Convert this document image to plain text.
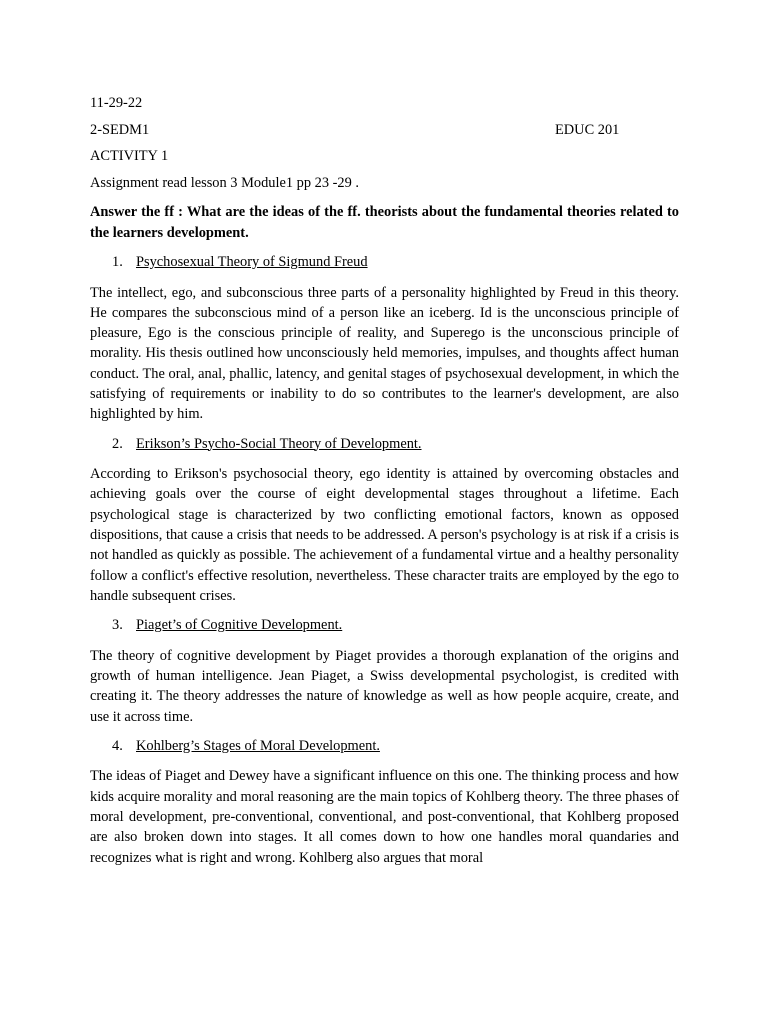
11-29-22

2-SEDM1	EDUC 201

ACTIVITY 1

Assignment read lesson 3 Module1 pp 23 -29 .

Answer the ff : What are the ideas of the ff. theorists about the fundamental theories related to the learners development.

1. Psychosexual Theory of Sigmund Freud

The intellect, ego, and subconscious three parts of a personality highlighted by Freud in this theory. He compares the subconscious mind of a person like an iceberg. Id is the unconscious principle of pleasure, Ego is the conscious principle of reality, and Superego is the unconscious principle of morality. His thesis outlined how unconsciously held memories, impulses, and thoughts affect human conduct. The oral, anal, phallic, latency, and genital stages of psychosexual development, in which the satisfying of requirements or inability to do so contributes to the learner's development, are also highlighted by him.

2. Erikson’s Psycho-Social Theory of Development.

According to Erikson's psychosocial theory, ego identity is attained by overcoming obstacles and achieving goals over the course of eight developmental stages throughout a lifetime. Each psychological stage is characterized by two conflicting emotional factors, known as opposed dispositions, that cause a crisis that needs to be addressed. A person's psychology is at risk if a crisis is not handled as quickly as possible. The achievement of a fundamental virtue and a healthy personality follow a conflict's effective resolution, nevertheless. These character traits are employed by the ego to handle subsequent crises.

3. Piaget’s of Cognitive Development.

The theory of cognitive development by Piaget provides a thorough explanation of the origins and growth of human intelligence. Jean Piaget, a Swiss developmental psychologist, is credited with creating it. The theory addresses the nature of knowledge as well as how people acquire, create, and use it across time.

4. Kohlberg’s Stages of Moral Development.

The ideas of Piaget and Dewey have a significant influence on this one. The thinking process and how kids acquire morality and moral reasoning are the main topics of Kohlberg theory. The three phases of moral development, pre-conventional, conventional, and post-conventional, that Kohlberg proposed are also broken down into stages. It all comes down to how one handles moral quandaries and recognizes what is right and wrong. Kohlberg also argues that moral
